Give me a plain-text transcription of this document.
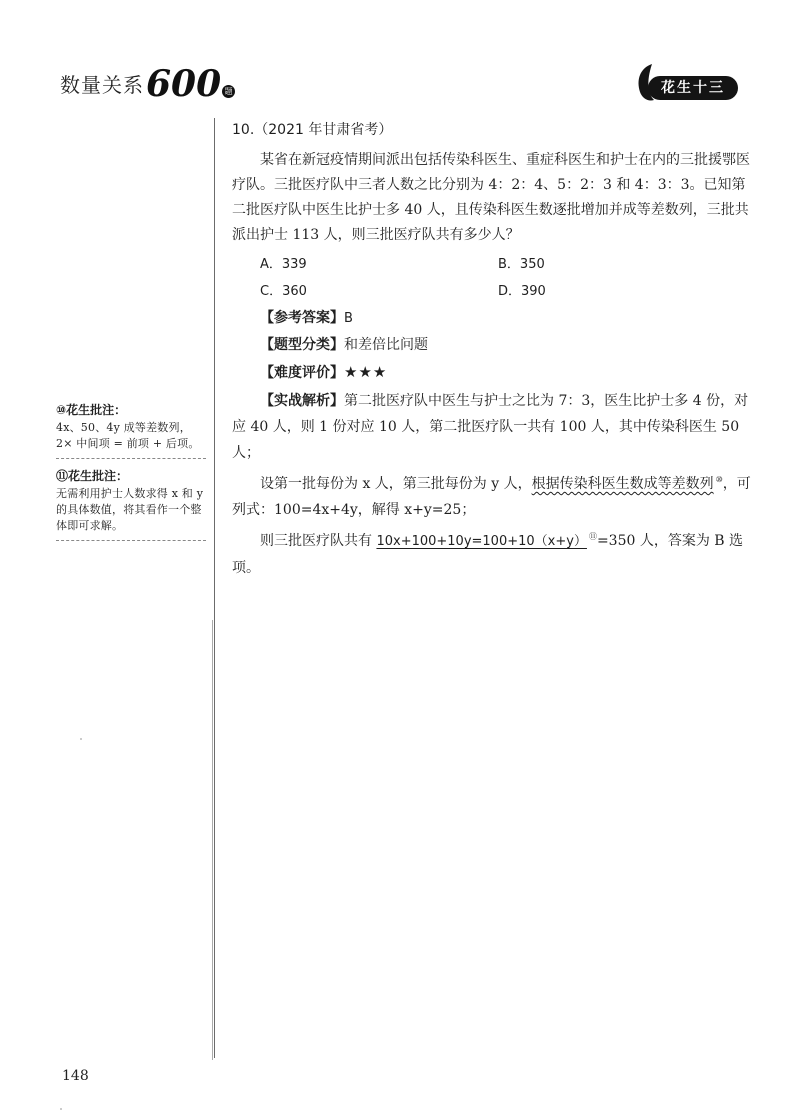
数量关系 600 题	花生十三

10.（2021 年甘肃省考）

某省在新冠疫情期间派出包括传染科医生、重症科医生和护士在内的三批援鄂医疗队。三批医疗队中三者人数之比分别为 4：2：4、5：2：3 和 4：3：3。已知第二批医疗队中医生比护士多 40 人，且传染科医生数逐批增加并成等差数列，三批共派出护士 113 人，则三批医疗队共有多少人？

A．339	B．350
C．360	D．390
【参考答案】B
【题型分类】和差倍比问题
【难度评价】★★★

【实战解析】第二批医疗队中医生与护士之比为 7：3，医生比护士多 4 份，对应 40 人，则 1 份对应 10 人，第二批医疗队一共有 100 人，其中传染科医生 50 人；

设第一批每份为 x 人，第三批每份为 y 人，根据传染科医生数成等差数列 ⑩，可列式：100=4x+4y，解得 x+y=25；

则三批医疗队共有 10x+100+10y=100+10（x+y） ⑪=350 人，答案为 B 选项。

⑩花生批注：
4x、50、4y 成等差数列，2× 中间项 = 前项 + 后项。
⑪花生批注：
无需利用护士人数求得 x 和 y 的具体数值，将其看作一个整体即可求解。
148
